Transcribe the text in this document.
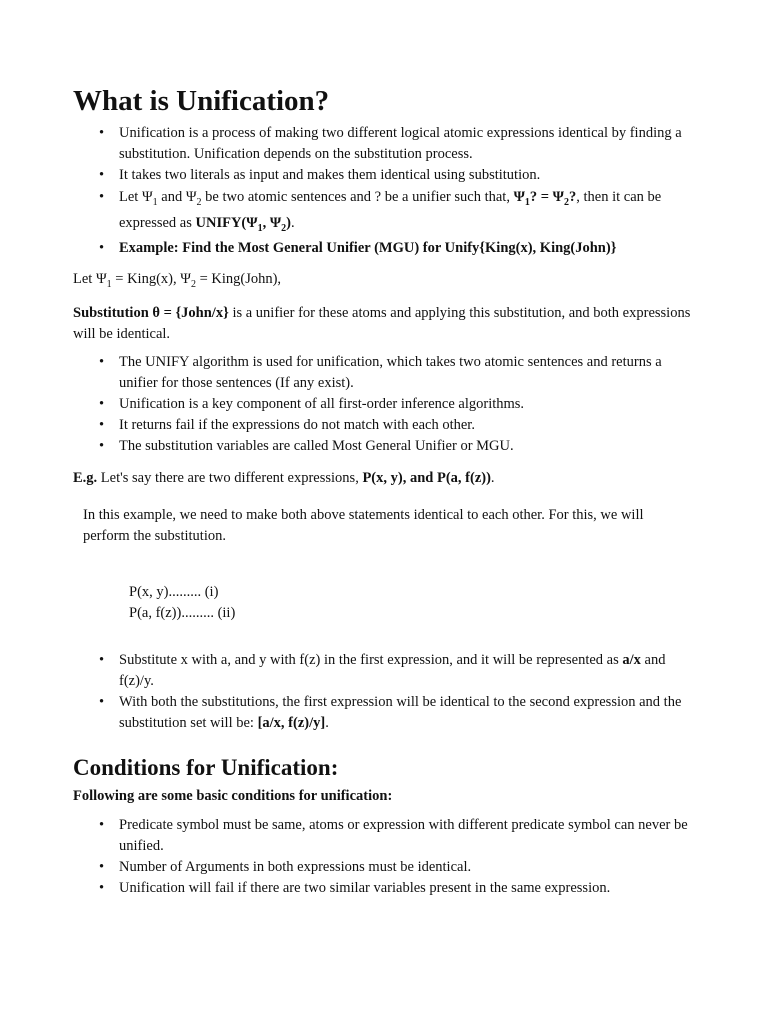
What is Unification?
• Unification is a process of making two different logical atomic expressions identical by finding a substitution. Unification depends on the substitution process.
• It takes two literals as input and makes them identical using substitution.
• Let $\Psi_1$ and $\Psi_2$ be two atomic sentences and ? be a unifier such that, $\Psi_1$? = $\Psi_2$?, then it can be expressed as $UNIFY(\Psi_1$, $\Psi_2$).
• Example: Find the Most General Unifier (MGU) for Unify{King(x), King(John)}

Let $\Psi_1$ = King(x), $\Psi_2$ = King(John),

Substitution θ = {John/x} is a unifier for these atoms and applying this substitution, and both expressions will be identical.

• The UNIFY algorithm is used for unification, which takes two atomic sentences and returns a unifier for those sentences (If any exist).
• Unification is a key component of all first-order inference algorithms.
• It returns fail if the expressions do not match with each other.
• The substitution variables are called Most General Unifier or MGU.

E.g. Let's say there are two different expressions, P(x, y), and P(a, f(z)).

In this example, we need to make both above statements identical to each other. For this, we will perform the substitution.

P(x, y)......... (i)

P(a, f(z))......... (ii)

• Substitute x with a, and y with f(z) in the first expression, and it will be represented as a/x and f(z)/y.
• With both the substitutions, the first expression will be identical to the second expression and the substitution set will be: [a/x, f(z)/y].
Conditions for Unification:

Following are some basic conditions for unification:

• Predicate symbol must be same, atoms or expression with different predicate symbol can never be unified.
• Number of Arguments in both expressions must be identical.
• Unification will fail if there are two similar variables present in the same expression.
